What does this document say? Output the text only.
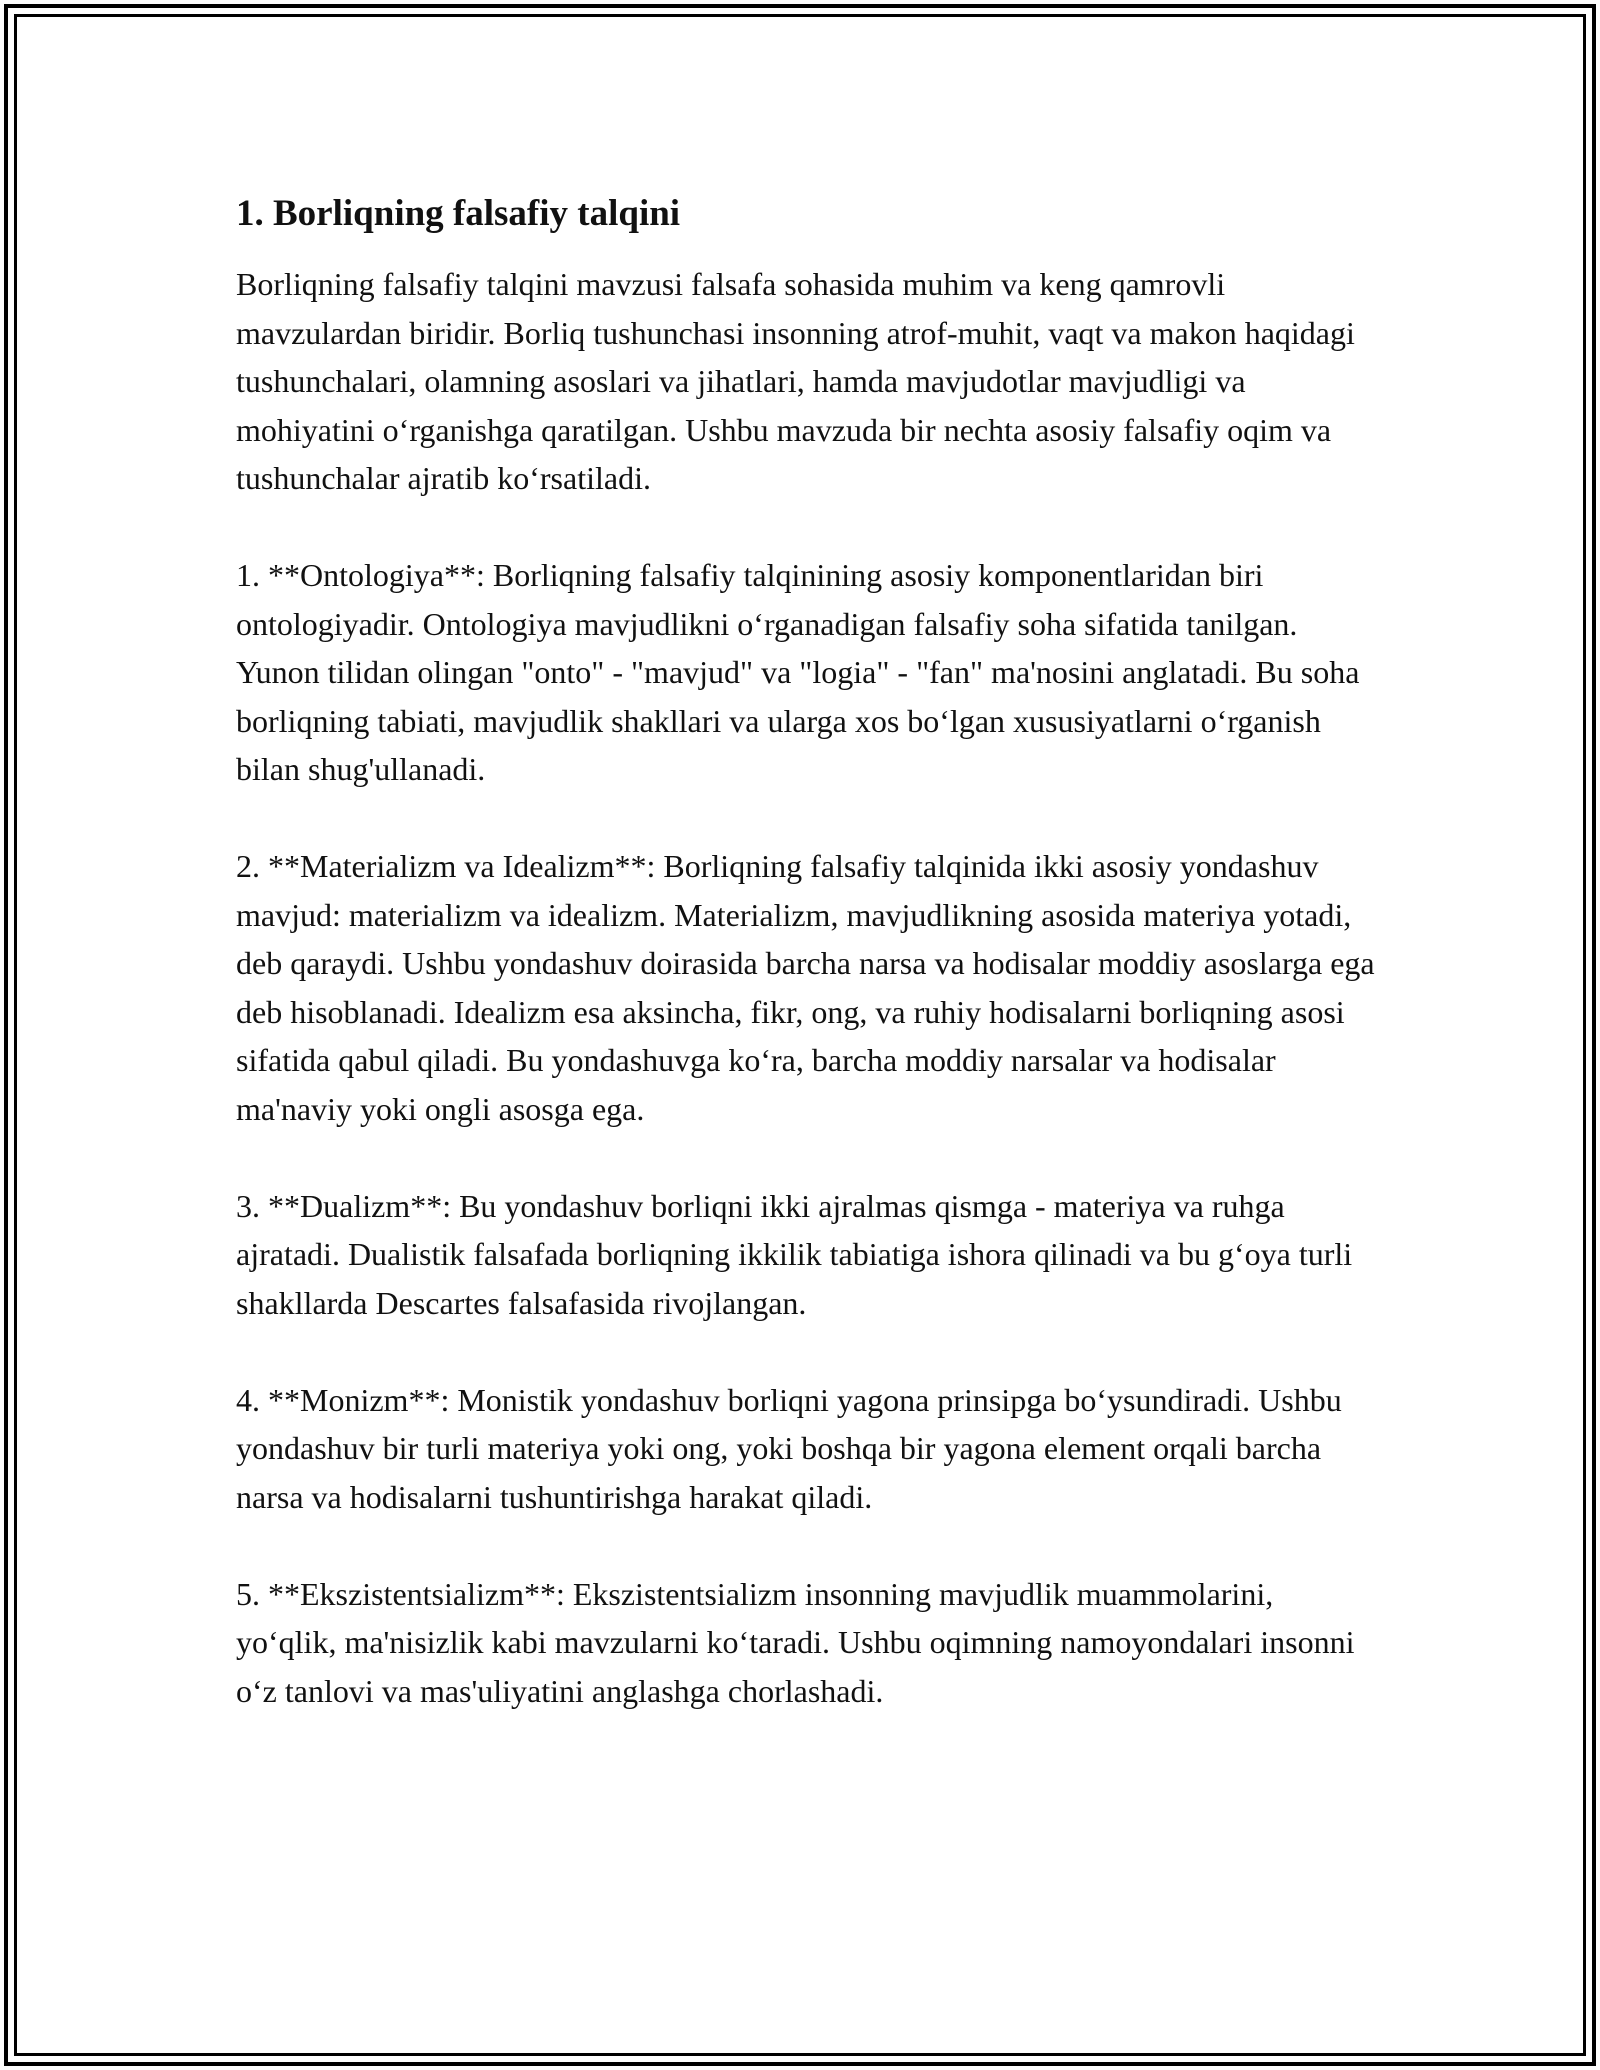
1. Borliqning falsafiy talqini

Borliqning falsafiy talqini mavzusi falsafa sohasida muhim va keng qamrovli mavzulardan biridir. Borliq tushunchasi insonning atrof-muhit, vaqt va makon haqidagi tushunchalari, olamning asoslari va jihatlari, hamda mavjudotlar mavjudligi va mohiyatini o‘rganishga qaratilgan. Ushbu mavzuda bir nechta asosiy falsafiy oqim va tushunchalar ajratib ko‘rsatiladi.

1. **Ontologiya**: Borliqning falsafiy talqinining asosiy komponentlaridan biri ontologiyadir. Ontologiya mavjudlikni o‘rganadigan falsafiy soha sifatida tanilgan. Yunon tilidan olingan "onto" - "mavjud" va "logia" - "fan" ma'nosini anglatadi. Bu soha borliqning tabiati, mavjudlik shakllari va ularga xos bo‘lgan xususiyatlarni o‘rganish bilan shug'ullanadi.

2. **Materializm va Idealizm**: Borliqning falsafiy talqinida ikki asosiy yondashuv mavjud: materializm va idealizm. Materializm, mavjudlikning asosida materiya yotadi, deb qaraydi. Ushbu yondashuv doirasida barcha narsa va hodisalar moddiy asoslarga ega deb hisoblanadi. Idealizm esa aksincha, fikr, ong, va ruhiy hodisalarni borliqning asosi sifatida qabul qiladi. Bu yondashuvga ko‘ra, barcha moddiy narsalar va hodisalar ma'naviy yoki ongli asosga ega.

3. **Dualizm**: Bu yondashuv borliqni ikki ajralmas qismga - materiya va ruhga ajratadi. Dualistik falsafada borliqning ikkilik tabiatiga ishora qilinadi va bu g‘oya turli shakllarda Descartes falsafasida rivojlangan.

4. **Monizm**: Monistik yondashuv borliqni yagona prinsipga bo‘ysundiradi. Ushbu yondashuv bir turli materiya yoki ong, yoki boshqa bir yagona element orqali barcha narsa va hodisalarni tushuntirishga harakat qiladi.

5. **Ekszistentsializm**: Ekszistentsializm insonning mavjudlik muammolarini, yo‘qlik, ma'nisizlik kabi mavzularni ko‘taradi. Ushbu oqimning namoyondalari insonni o‘z tanlovi va mas'uliyatini anglashga chorlashadi.
